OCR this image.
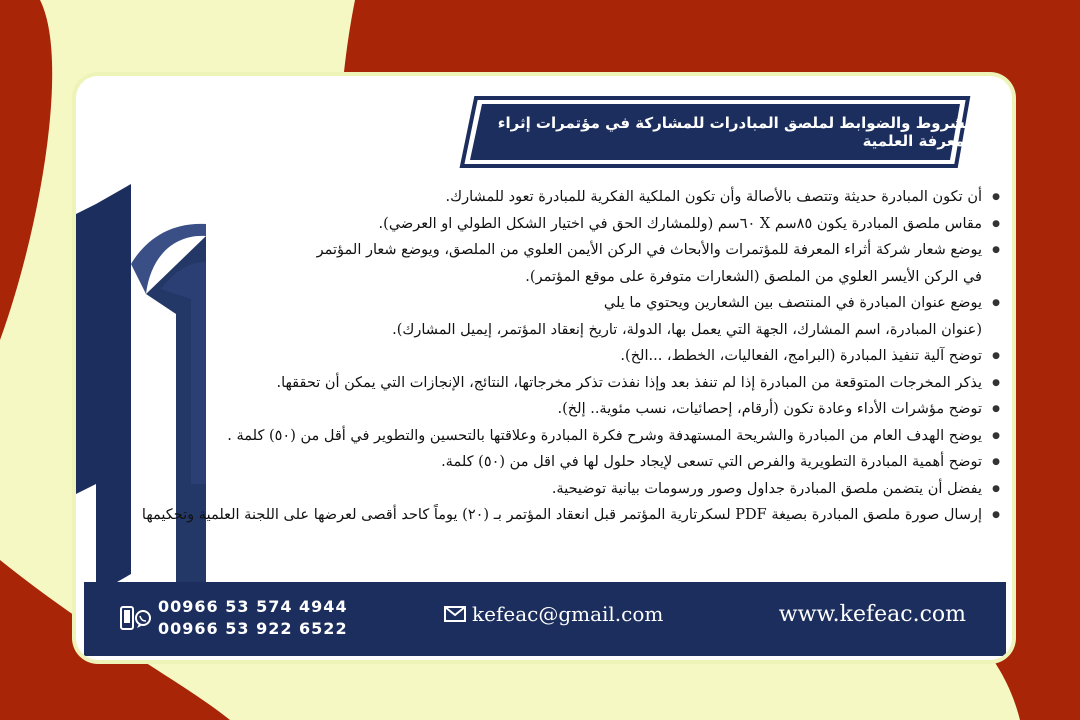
الشروط والضوابط لملصق المبادرات للمشاركة في مؤتمرات إثراء المعرفة العلمية
● أن تكون المبادرة حديثة وتتصف بالأصالة وأن تكون الملكية الفكرية للمبادرة تعود للمشارك.
● مقاس ملصق المبادرة يكون ٨٥سم X ٦٠سم (وللمشارك الحق في اختيار الشكل الطولي او العرضي).
● يوضع شعار شركة أثراء المعرفة للمؤتمرات والأبحاث في الركن الأيمن العلوي من الملصق، ويوضع شعار المؤتمر
في الركن الأيسر العلوي من الملصق (الشعارات متوفرة على موقع المؤتمر).
● يوضع عنوان المبادرة في المنتصف بين الشعارين ويحتوي ما يلي
(عنوان المبادرة، اسم المشارك، الجهة التي يعمل بها، الدولة، تاريخ إنعقاد المؤتمر، إيميل المشارك).
● توضح آلية تنفيذ المبادرة (البرامج، الفعاليات، الخطط، ...الخ).
● يذكر المخرجات المتوقعة من المبادرة إذا لم تنفذ بعد وإذا نفذت تذكر مخرجاتها، النتائج، الإنجازات التي يمكن أن تحققها.
● توضح مؤشرات الأداء وعادة تكون (أرقام، إحصائيات، نسب مئوية.. إلخ).
● يوضح الهدف العام من المبادرة والشريحة المستهدفة وشرح فكرة المبادرة وعلاقتها بالتحسين والتطوير في أقل من (٥٠) كلمة .
● توضح أهمية المبادرة التطويرية والفرص التي تسعى لإيجاد حلول لها في اقل من (٥٠) كلمة.
● يفضل أن يتضمن ملصق المبادرة جداول وصور ورسومات بيانية توضيحية.
● إرسال صورة ملصق المبادرة بصيغة PDF لسكرتارية المؤتمر قبل انعقاد المؤتمر بـ (٢٠) يوماً كاحد أقصى لعرضها على اللجنة العلمية وتحكيمها
00966 53 574 4944
00966 53 922 6522
kefeac@gmail.com	www.kefeac.com
